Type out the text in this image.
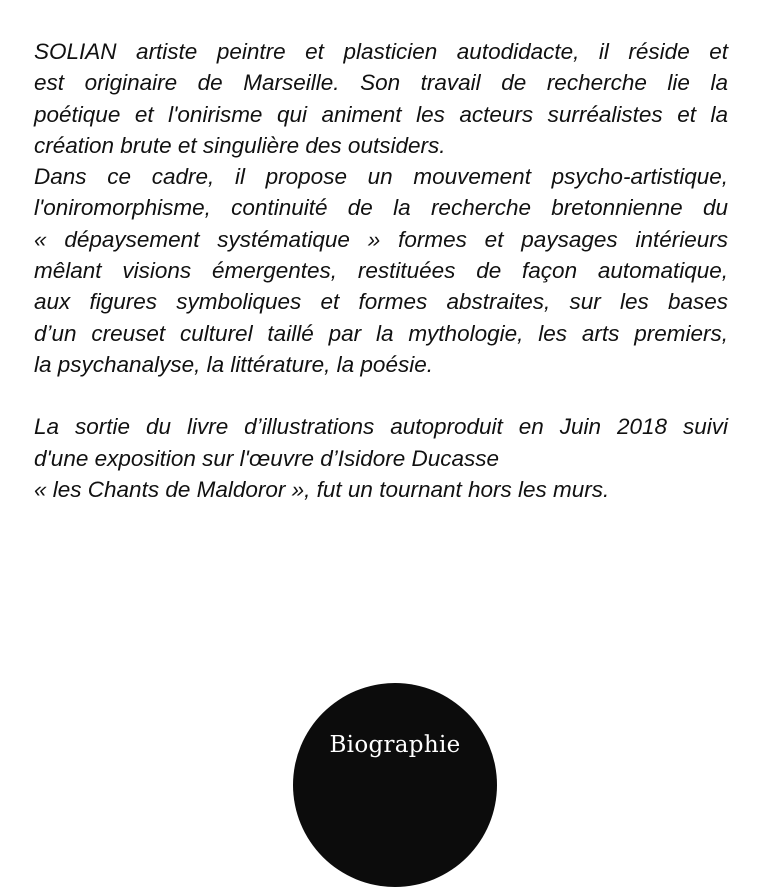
SOLIAN artiste peintre et plasticien autodidacte, il réside et
est originaire de Marseille. Son travail de recherche lie la
poétique et l'onirisme qui animent les acteurs surréalistes et la
création brute et singulière des outsiders.
Dans ce cadre, il propose un mouvement psycho-artistique,
l'oniromorphisme, continuité de la recherche bretonnienne du
« dépaysement systématique » formes et paysages intérieurs
mêlant visions émergentes, restituées de façon automatique,
aux figures symboliques et formes abstraites, sur les bases
d’un creuset culturel taillé par la mythologie, les arts premiers,
la psychanalyse, la littérature, la poésie.

La sortie du livre d’illustrations autoproduit en Juin 2018 suivi
d'une exposition sur l'œuvre d’Isidore Ducasse
« les Chants de Maldoror », fut un tournant hors les murs.

Biographie
